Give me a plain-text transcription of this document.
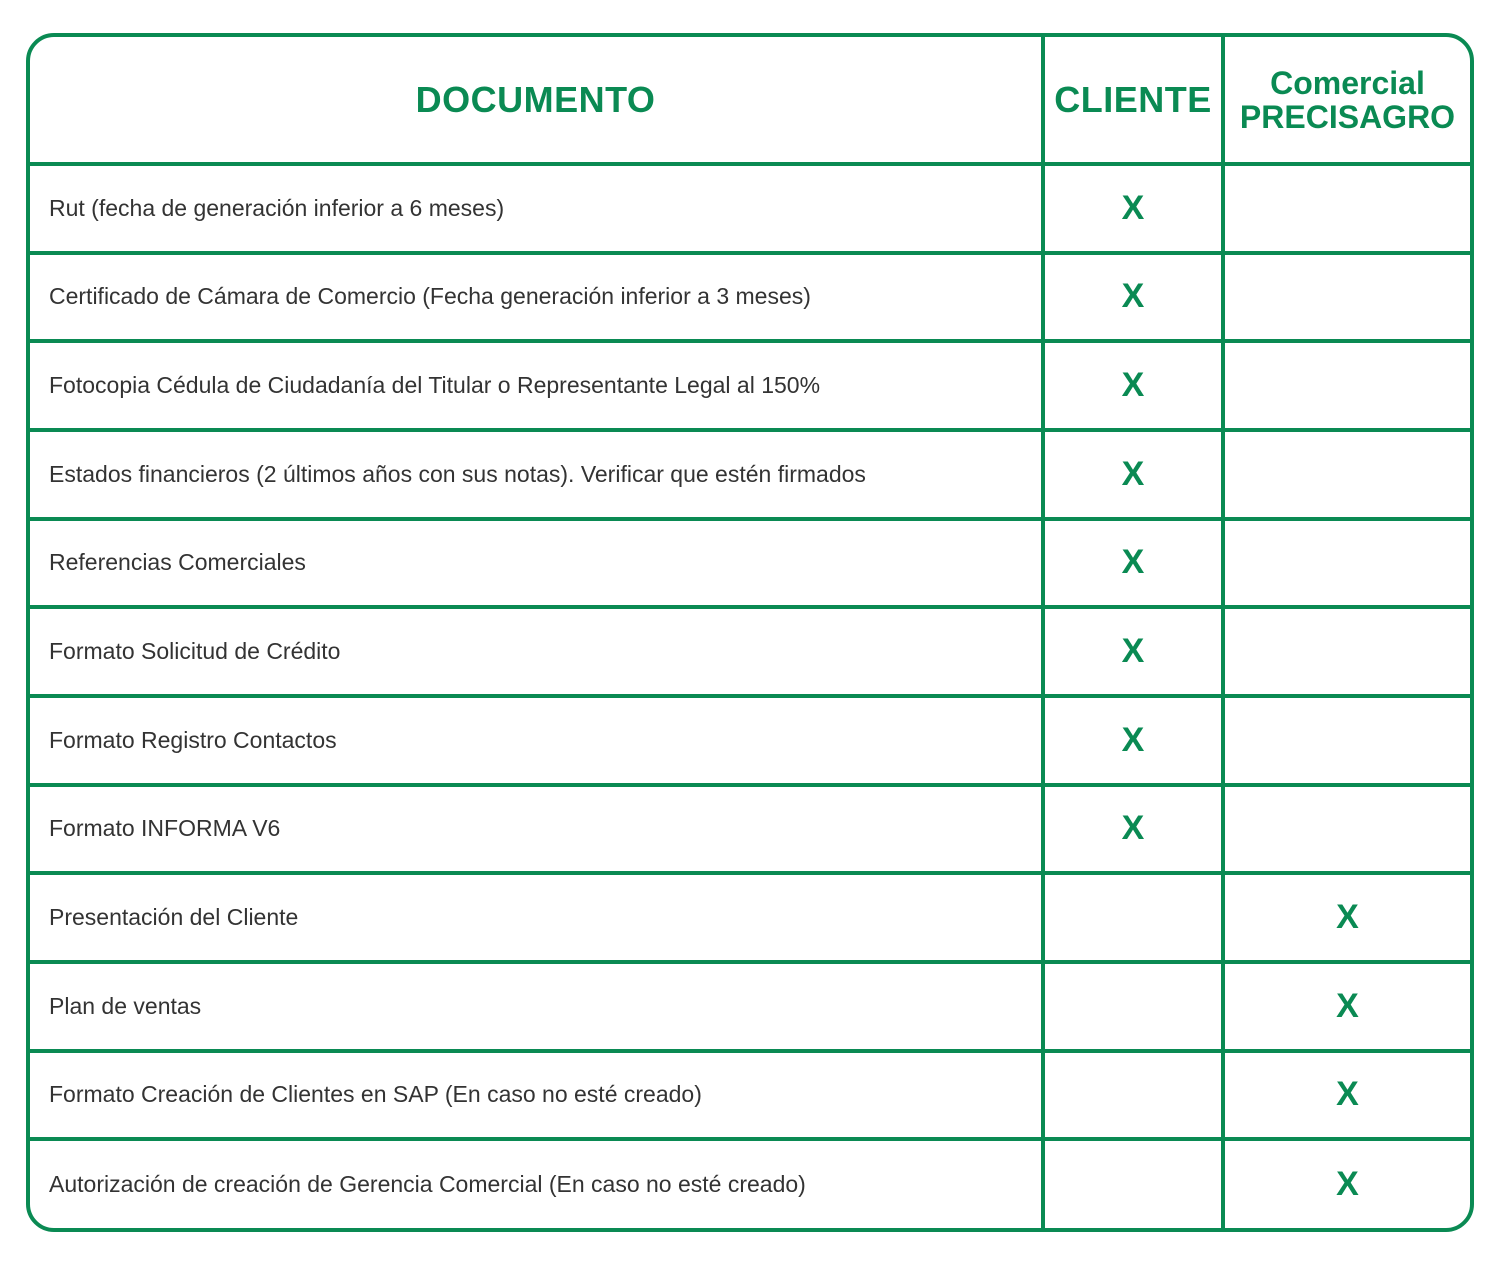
DOCUMENTO	CLIENTE	Comercial
PRECISAGRO

Rut (fecha de generación inferior a 6 meses)	X	
Certificado de Cámara de Comercio (Fecha generación inferior a 3 meses)	X	
Fotocopia Cédula de Ciudadanía del Titular o Representante Legal al 150%	X	
Estados financieros (2 últimos años con sus notas). Verificar que estén firmados	X	
Referencias Comerciales	X	
Formato Solicitud de Crédito	X	
Formato Registro Contactos	X	
Formato INFORMA V6	X	
Presentación del Cliente		X
Plan de ventas		X
Formato Creación de Clientes en SAP (En caso no esté creado)		X
Autorización de creación de Gerencia Comercial (En caso no esté creado)		X
